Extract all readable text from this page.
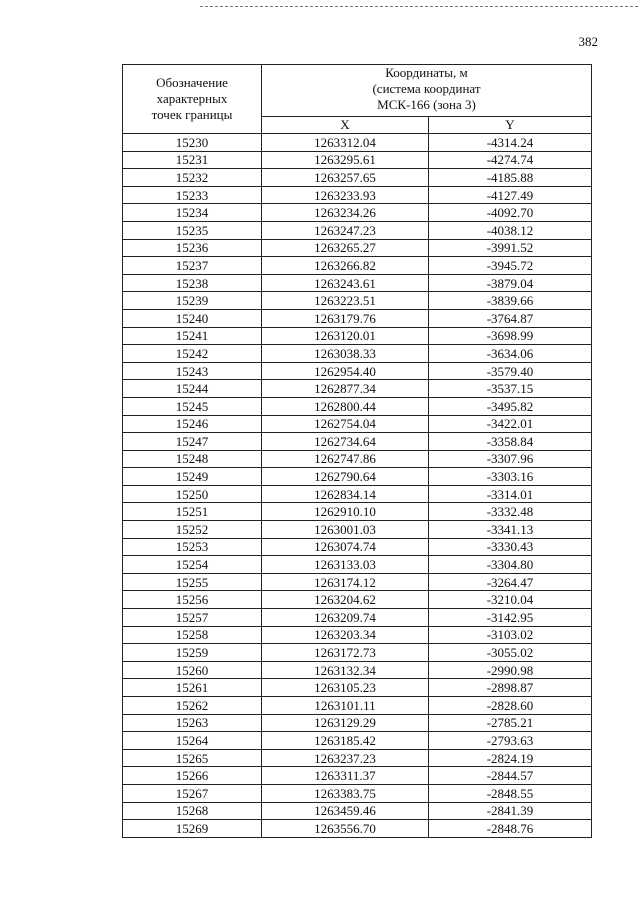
382
Обозначение
характерных
точек границы	Координаты, м
(система координат
МСК-166 (зона 3)	

	X	Y
15230	1263312.04	-4314.24
15231	1263295.61	-4274.74
15232	1263257.65	-4185.88
15233	1263233.93	-4127.49
15234	1263234.26	-4092.70
15235	1263247.23	-4038.12
15236	1263265.27	-3991.52
15237	1263266.82	-3945.72
15238	1263243.61	-3879.04
15239	1263223.51	-3839.66
15240	1263179.76	-3764.87
15241	1263120.01	-3698.99
15242	1263038.33	-3634.06
15243	1262954.40	-3579.40
15244	1262877.34	-3537.15
15245	1262800.44	-3495.82
15246	1262754.04	-3422.01
15247	1262734.64	-3358.84
15248	1262747.86	-3307.96
15249	1262790.64	-3303.16
15250	1262834.14	-3314.01
15251	1262910.10	-3332.48
15252	1263001.03	-3341.13
15253	1263074.74	-3330.43
15254	1263133.03	-3304.80
15255	1263174.12	-3264.47
15256	1263204.62	-3210.04
15257	1263209.74	-3142.95
15258	1263203.34	-3103.02
15259	1263172.73	-3055.02
15260	1263132.34	-2990.98
15261	1263105.23	-2898.87
15262	1263101.11	-2828.60
15263	1263129.29	-2785.21
15264	1263185.42	-2793.63
15265	1263237.23	-2824.19
15266	1263311.37	-2844.57
15267	1263383.75	-2848.55
15268	1263459.46	-2841.39
15269	1263556.70	-2848.76
